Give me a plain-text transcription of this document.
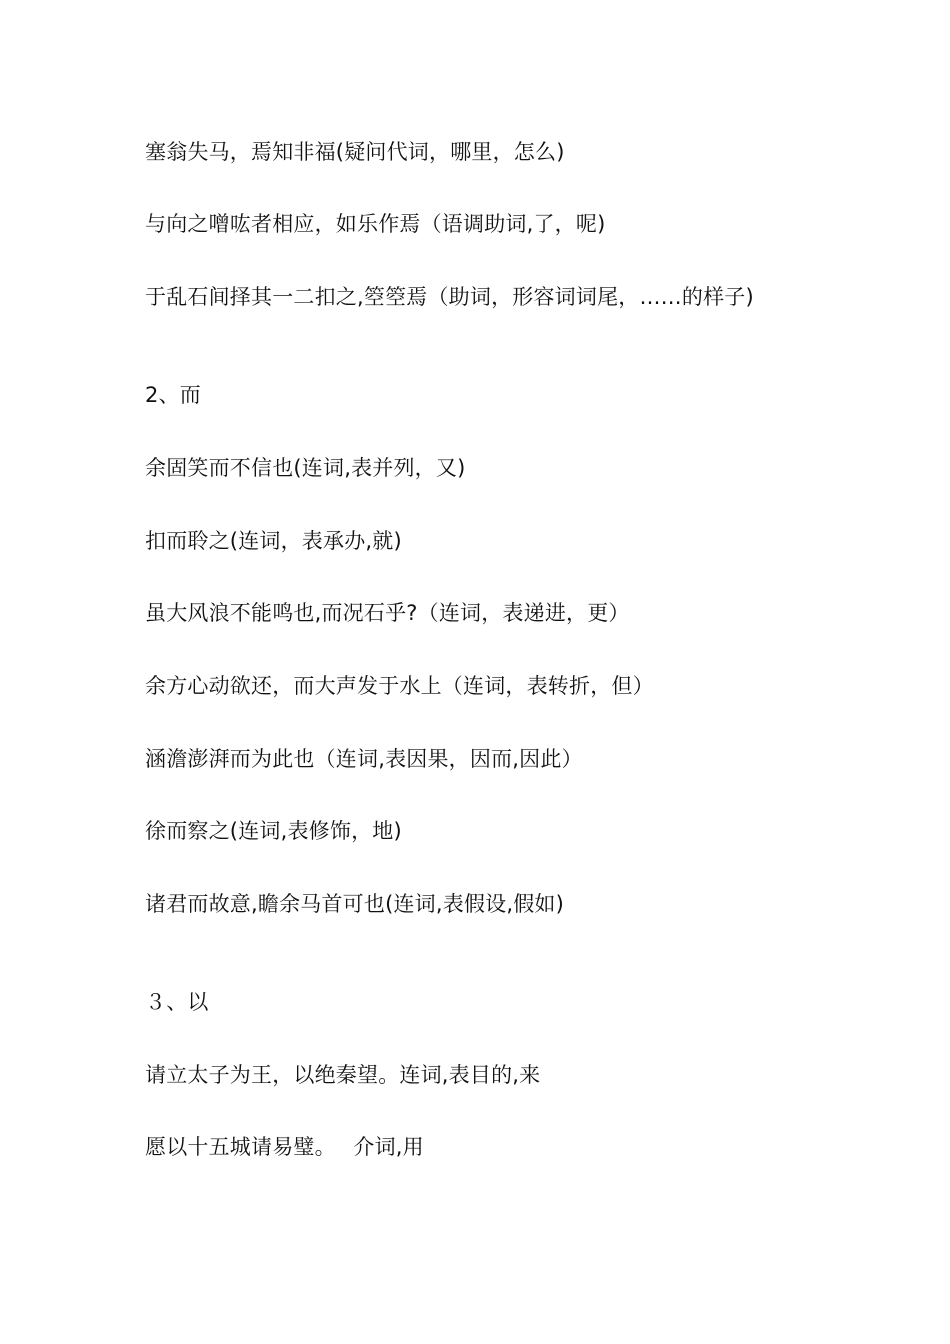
塞翁失马，焉知非福(疑问代词，哪里，怎么)
与向之噌吰者相应，如乐作焉（语调助词,了，呢)
于乱石间择其一二扣之,箜箜焉（助词，形容词词尾，……的样子)
2、而
余固笑而不信也(连词,表并列，又)
扣而聆之(连词，表承办,就)
虽大风浪不能鸣也,而况石乎?（连词，表递进，更）
余方心动欲还，而大声发于水上（连词，表转折，但）
涵澹澎湃而为此也（连词,表因果，因而,因此）
徐而察之(连词,表修饰，地)
诸君而故意,瞻余马首可也(连词,表假设,假如)
３、以
请立太子为王，以绝秦望。连词,表目的,来
愿以十五城请易璧。　 介词,用
